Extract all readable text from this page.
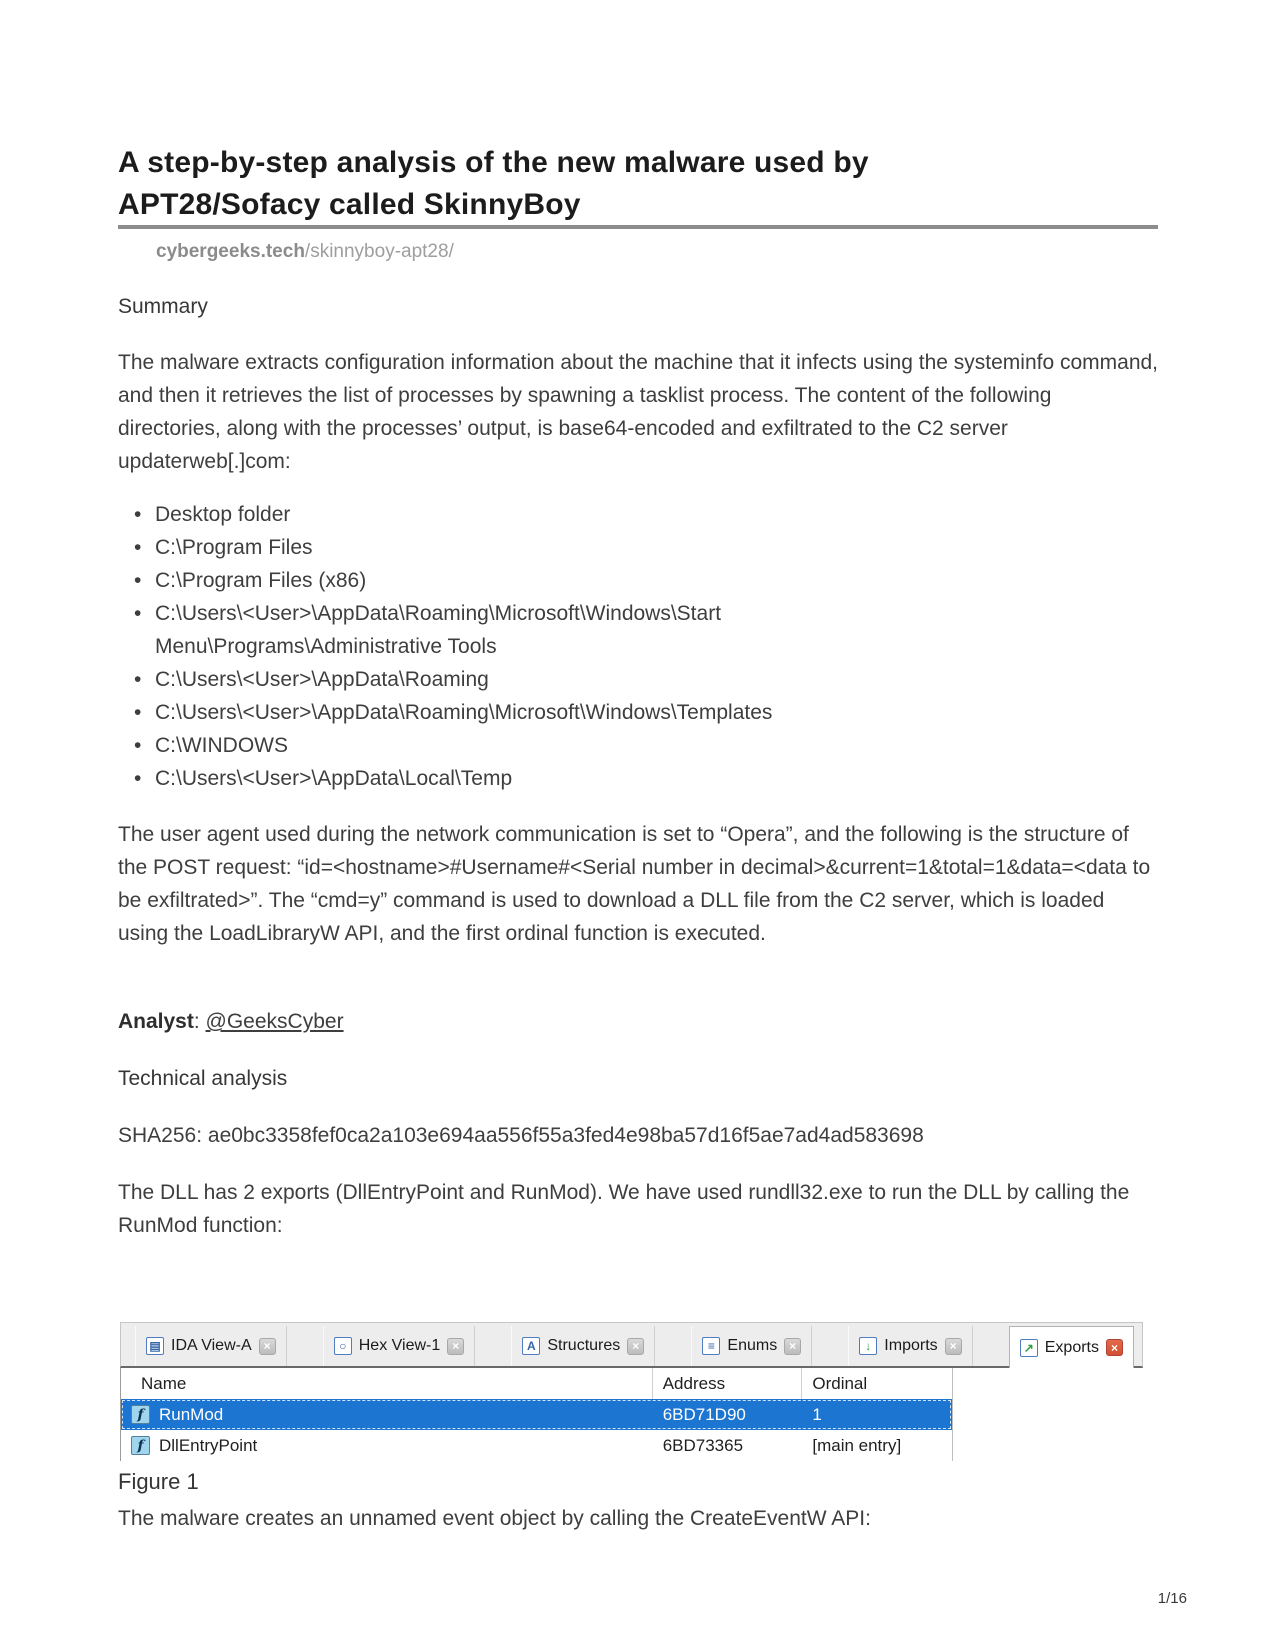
A step-by-step analysis of the new malware used by APT28/Sofacy called SkinnyBoy
cybergeeks.tech/skinnyboy-apt28/
Summary

The malware extracts configuration information about the machine that it infects using the systeminfo command, and then it retrieves the list of processes by spawning a tasklist process. The content of the following directories, along with the processes’ output, is base64-encoded and exfiltrated to the C2 server updaterweb[.]com:

• Desktop folder
• C:\Program Files
• C:\Program Files (x86)
• C:\Users\<User>\AppData\Roaming\Microsoft\Windows\Start Menu\Programs\Administrative Tools
• C:\Users\<User>\AppData\Roaming
• C:\Users\<User>\AppData\Roaming\Microsoft\Windows\Templates
• C:\WINDOWS
• C:\Users\<User>\AppData\Local\Temp

The user agent used during the network communication is set to “Opera”, and the following is the structure of the POST request: “id=<hostname>#Username#<Serial number in decimal>&current=1&total=1&data=<data to be exfiltrated>”. The “cmd=y” command is used to download a DLL file from the C2 server, which is loaded using the LoadLibraryW API, and the first ordinal function is executed.

Analyst: @GeeksCyber
Technical analysis
SHA256: ae0bc3358fef0ca2a103e694aa556f55a3fed4e98ba57d16f5ae7ad4ad583698

The DLL has 2 exports (DllEntryPoint and RunMod). We have used rundll32.exe to run the DLL by calling the RunMod function:

▤ IDA View-A ×	○ Hex View-1 ×	A Structures ×	≡ Enums ×	↓ Imports ×	↗ Exports ×
Name	Address	Ordinal
f RunMod	6BD71D90	1
f DllEntryPoint	6BD73365	[main entry]
Figure 1

The malware creates an unnamed event object by calling the CreateEventW API:

1/16
